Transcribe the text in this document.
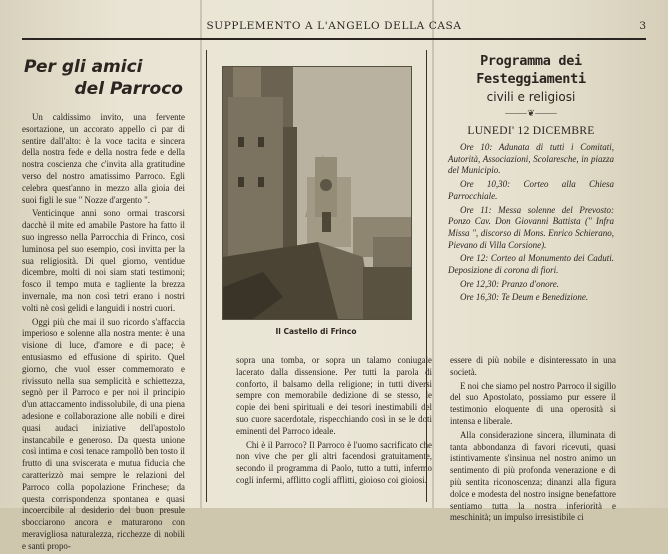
SUPPLEMENTO A L'ANGELO DELLA CASA	3
Per gli amici
del Parroco

Un caldissimo invito, una fervente esortazione, un accorato appello ci par di sentire dall'alto: è la voce tacita e sincera della nostra fede e della nostra fede e della nostra coscienza che c'invita alla gratitudine verso del nostro amatissimo Parroco. Egli celebra quest'anno in mezzo alla gioia dei suoi figli le sue " Nozze d'argento ".

Venticinque anni sono ormai trascorsi dacchè il mite ed amabile Pastore ha fatto il suo ingresso nella Parrocchia di Frinco, così luminosa pel suo esempio, così invitta per la sua religiosità. Di quel giorno, ventidue dicembre, molti di noi siam stati testimoni; fosco il tempo muta e tagliente la brezza invernale, ma non così tetri erano i nostri volti nè così gelidi e languidi i nostri cuori.

Oggi più che mai il suo ricordo s'affaccia imperioso e solenne alla nostra mente: è una visione di luce, d'amore e di pace; è entusiasmo ed effusione di spirito. Quel giorno, che vuol esser commemorato e rivissuto nella sua semplicità e schiettezza, segnò per il Parroco e per noi il principio d'un attaccamento indissolubile, di una piena adesione e collaborazione alle nobili e direi quasi audaci iniziative dell'apostolo instancabile e generoso. Da questa unione così intima e così tenace rampollò ben tosto il frutto di una sviscerata e mutua fiducia che caratterizzò mai sempre le relazioni del Parroco colla popolazione Frinchese; da questa corrispondenza spontanea e quasi incoercibile al desiderio del buon presule sbocciarono ancora e maturarono con meravigliosa naturalezza, ricchezze di nobili e santi propo-

Il Castello di Frinco

sopra una tomba, or sopra un talamo coniugale lacerato dalla dissensione. Per tutti la parola di conforto, il balsamo della religione; in tutti diversi sempre con memorabile dedizione di se stesso, le copie dei beni spirituali e dei tesori inestimabili del suo cuore sacerdotale, rispecchiando così in se le doti eminenti del Parroco ideale.

Chi è il Parroco? Il Parroco è l'uomo sacrificato che non vive che per gli altri facendosi gratuitamente, secondo il programma di Paolo, tutto a tutti, infermo cogli infermi, afflitto cogli afflitti, gioioso coi gioiosi.

Programma dei Festeggiamenti
civili e religiosi
⸻❦⸻
LUNEDI' 12 DICEMBRE
Ore 10: Adunata di tutti i Comitati, Autorità, Associazioni, Scolaresche, in piazza del Municipio.
Ore 10,30: Corteo alla Chiesa Parrocchiale.
Ore 11: Messa solenne del Prevosto: Ponzo Cav. Don Giovanni Battista (" Infra Missa ", discorso di Mons. Enrico Schierano, Pievano di Villa Corsione).
Ore 12: Corteo al Monumento dei Caduti. Deposizione di corona di fiori.
Ore 12,30: Pranzo d'onore.
Ore 16,30: Te Deum e Benedizione.

essere di più nobile e disinteressato in una società.

E noi che siamo pel nostro Parroco il sigillo del suo Apostolato, possiamo pur essere il testimonio eloquente di una operosità sì intensa e liberale.

Alla considerazione sincera, illuminata di tanta abbondanza di favori ricevuti, quasi istintivamente s'insinua nel nostro animo un sentimento di più profonda venerazione e di più sentita riconoscenza; dinanzi alla figura dolce e modesta del nostro insigne benefattore sentiamo tutta la nostra inferiorità e meschinità; un impulso irresistibile ci
